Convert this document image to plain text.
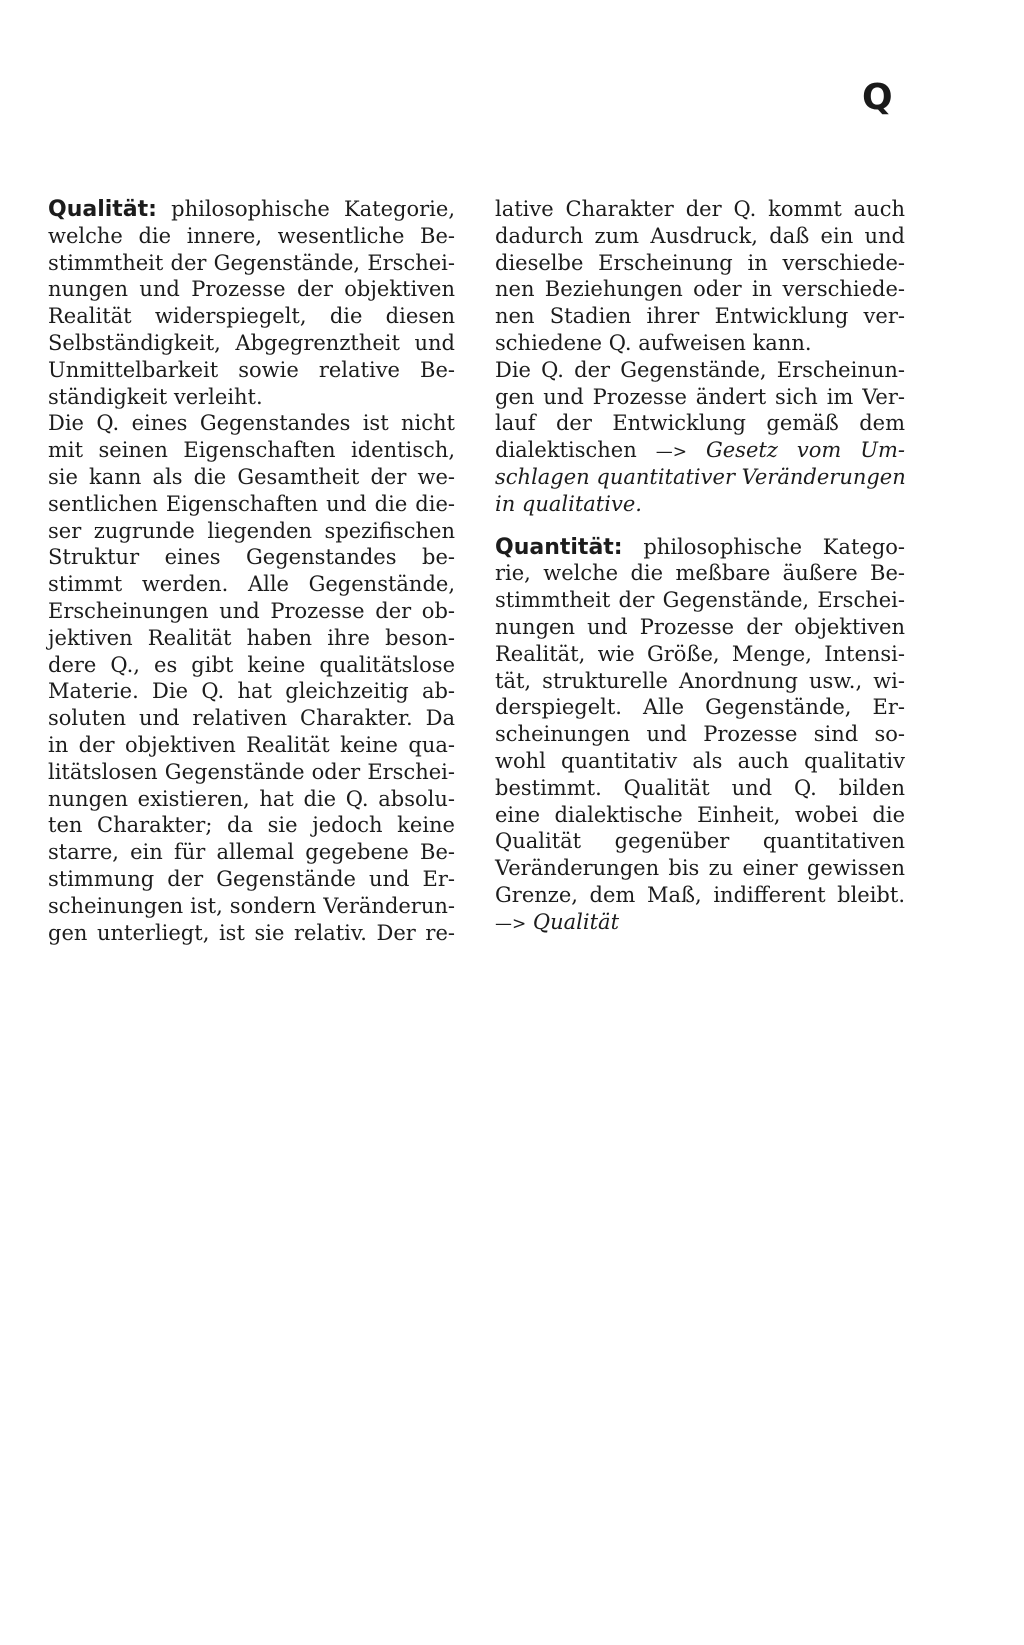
Q
Qualität: philosophische Kategorie,
welche die innere, wesentliche Be-
stimmtheit der Gegenstände, Erschei-
nungen und Prozesse der objektiven
Realität widerspiegelt, die diesen
Selbständigkeit, Abgegrenztheit und
Unmittelbarkeit sowie relative Be-
ständigkeit verleiht.
Die Q. eines Gegenstandes ist nicht
mit seinen Eigenschaften identisch,
sie kann als die Gesamtheit der we-
sentlichen Eigenschaften und die die-
ser zugrunde liegenden spezifischen
Struktur eines Gegenstandes be-
stimmt werden. Alle Gegenstände,
Erscheinungen und Prozesse der ob-
jektiven Realität haben ihre beson-
dere Q., es gibt keine qualitätslose
Materie. Die Q. hat gleichzeitig ab-
soluten und relativen Charakter. Da
in der objektiven Realität keine qua-
litätslosen Gegenstände oder Erschei-
nungen existieren, hat die Q. absolu-
ten Charakter; da sie jedoch keine
starre, ein für allemal gegebene Be-
stimmung der Gegenstände und Er-
scheinungen ist, sondern Veränderun-
gen unterliegt, ist sie relativ. Der re-
lative Charakter der Q. kommt auch
dadurch zum Ausdruck, daß ein und
dieselbe Erscheinung in verschiede-
nen Beziehungen oder in verschiede-
nen Stadien ihrer Entwicklung ver-
schiedene Q. aufweisen kann.
Die Q. der Gegenstände, Erscheinun-
gen und Prozesse ändert sich im Ver-
lauf der Entwicklung gemäß dem
dialektischen —> Gesetz vom Um-
schlagen quantitativer Veränderungen
in qualitative.
Quantität: philosophische Katego-
rie, welche die meßbare äußere Be-
stimmtheit der Gegenstände, Erschei-
nungen und Prozesse der objektiven
Realität, wie Größe, Menge, Intensi-
tät, strukturelle Anordnung usw., wi-
derspiegelt. Alle Gegenstände, Er-
scheinungen und Prozesse sind so-
wohl quantitativ als auch qualitativ
bestimmt. Qualität und Q. bilden
eine dialektische Einheit, wobei die
Qualität gegenüber quantitativen
Veränderungen bis zu einer gewissen
Grenze, dem Maß, indifferent bleibt.
—> Qualität
